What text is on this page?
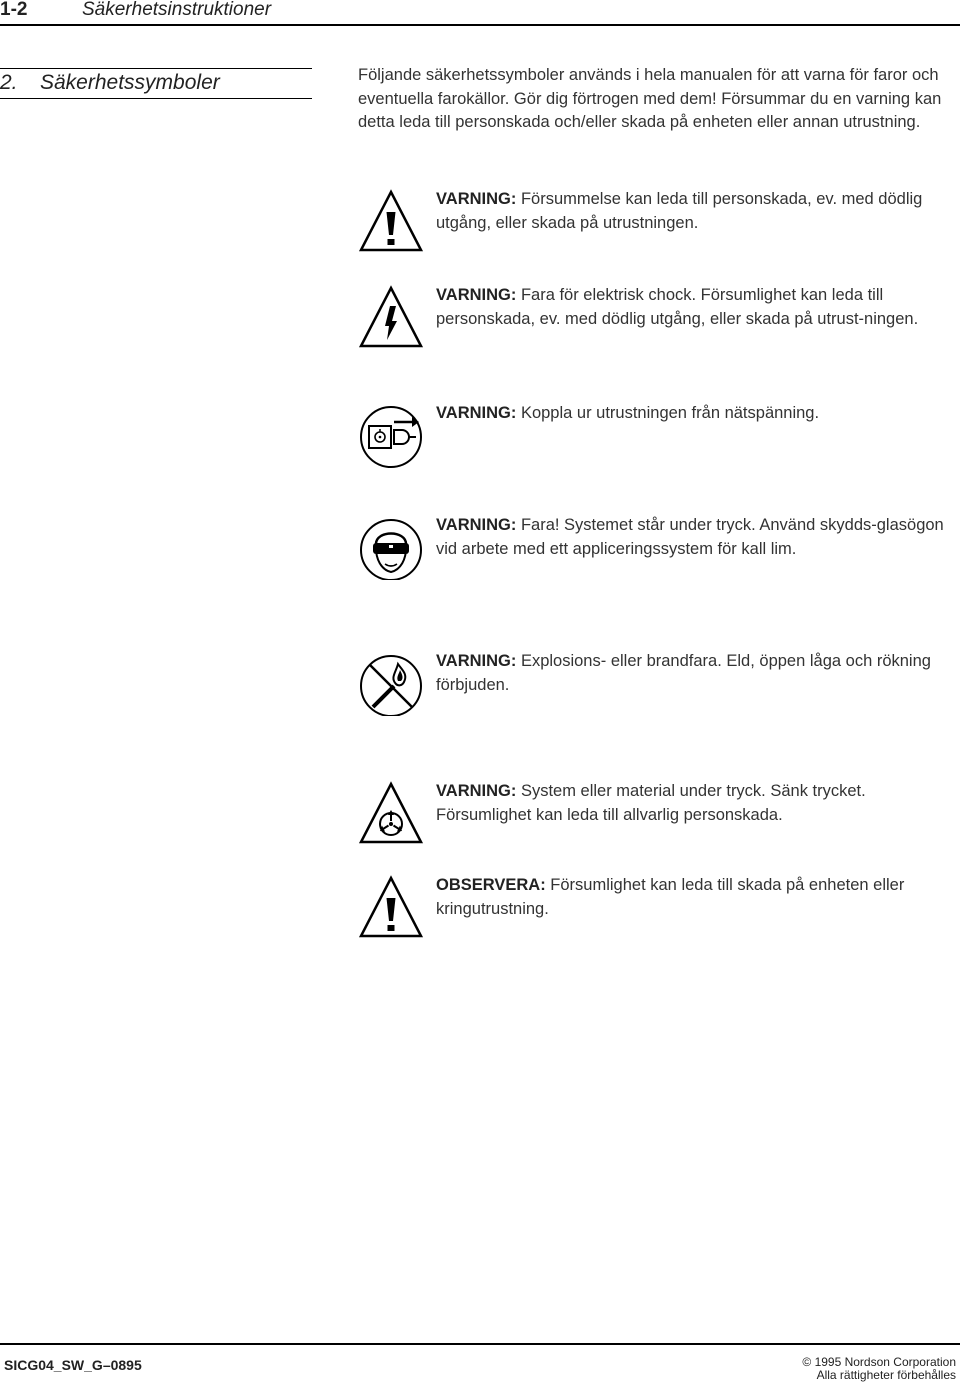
1-2	Säkerhetsinstruktioner
2. Säkerhetssymboler	Följande säkerhetssymboler används i hela manualen för att varna för faror och eventuella farokällor. Gör dig förtrogen med dem! Försummar du en varning kan detta leda till personskada och/eller skada på enheten eller annan utrustning.

VARNING: Försummelse kan leda till personskada, ev. med dödlig utgång, eller skada på utrustningen.

VARNING: Fara för elektrisk chock. Försumlighet kan leda till personskada, ev. med dödlig utgång, eller skada på utrust-ningen.

VARNING: Koppla ur utrustningen från nätspänning.

VARNING: Fara! Systemet står under tryck. Använd skydds-glasögon vid arbete med ett appliceringssystem för kall lim.

VARNING: Explosions- eller brandfara. Eld, öppen låga och rökning förbjuden.

VARNING: System eller material under tryck. Sänk trycket. Försumlighet kan leda till allvarlig personskada.

OBSERVERA: Försumlighet kan leda till skada på enheten eller kringutrustning.

SICG04_SW_G–0895	© 1995 Nordson Corporation
Alla rättigheter förbehålles
